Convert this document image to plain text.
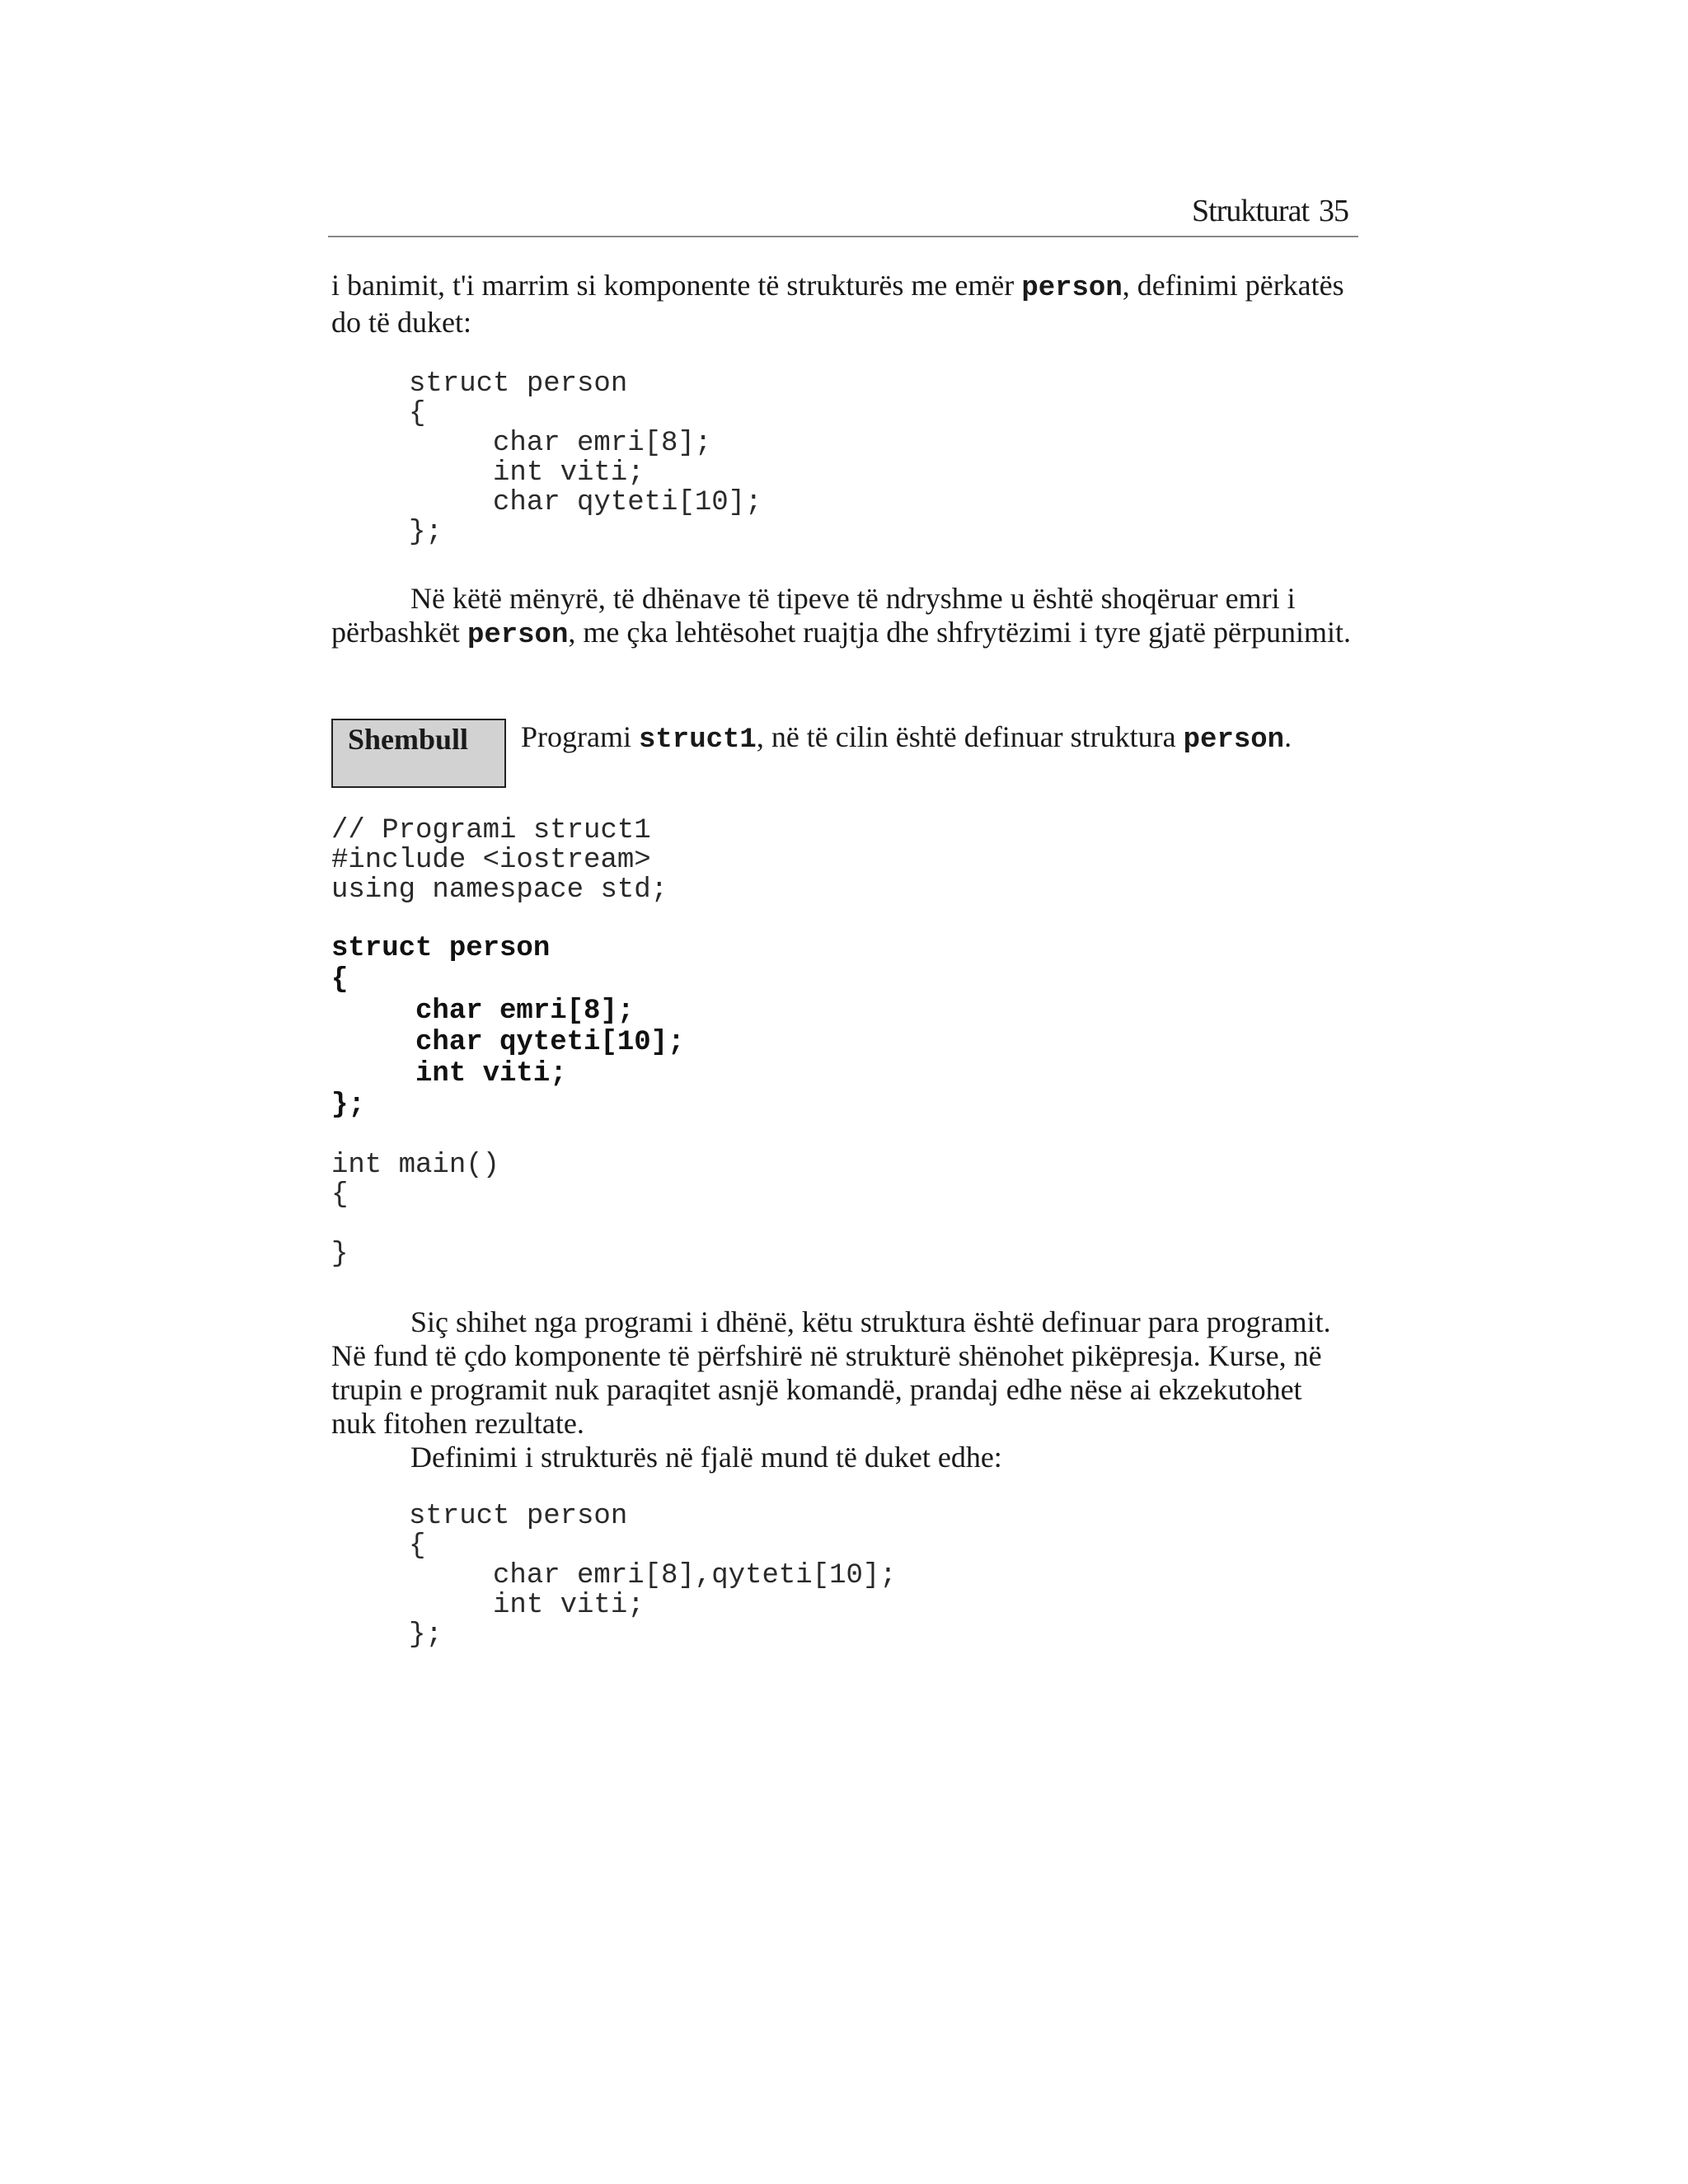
Strukturat 35

i banimit, t'i marrim si komponente të strukturës me emër person, definimi përkatës do të duket:

struct person
{
char emri[8];
int viti;
char qyteti[10];
};

Në këtë mënyrë, të dhënave të tipeve të ndryshme u është shoqëruar emri i përbashkët person, me çka lehtësohet ruajtja dhe shfrytëzimi i tyre gjatë përpunimit.

Shembull Programi struct1, në të cilin është definuar struktura person.
// Programi struct1
#include <iostream>
using namespace std;
struct person
{
char emri[8];
char qyteti[10];
int viti;
};
int main()
{
}

Siç shihet nga programi i dhënë, këtu struktura është definuar para programit. Në fund të çdo komponente të përfshirë në strukturë shënohet pikëpresja. Kurse, në trupin e programit nuk paraqitet asnjë komandë, prandaj edhe nëse ai ekzekutohet nuk fitohen rezultate.

Definimi i strukturës në fjalë mund të duket edhe:

struct person
{
char emri[8],qyteti[10];
int viti;
};
